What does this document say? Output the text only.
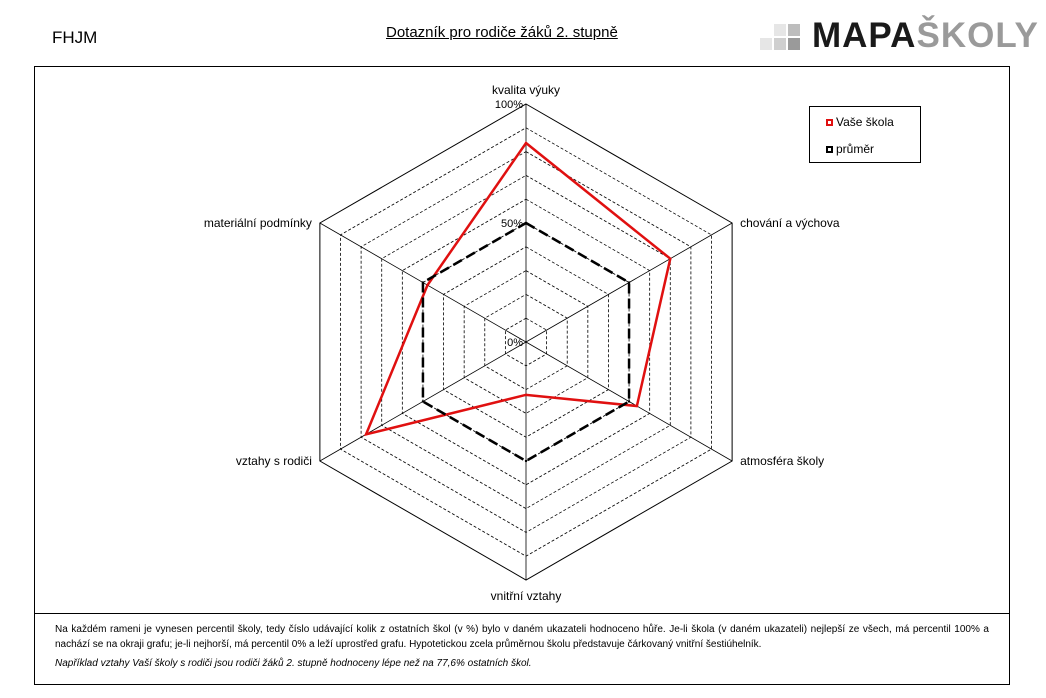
FHJM	Dotazník pro rodiče žáků 2. stupně	MAPAŠKOLY
kvalita výuky
chování a výchova
atmosféra školy
vnitřní vztahy
vztahy s rodiči
materiální podmínky
100%
50%
0%
Vaše škola
průměr
Na každém rameni je vynesen percentil školy, tedy číslo udávající kolik z ostatních škol (v %) bylo v daném ukazateli hodnoceno hůře. Je-li škola (v daném ukazateli) nejlepší ze všech, má percentil 100% a nachází se na okraji grafu; je-li nejhorší, má percentil 0% a leží uprostřed grafu. Hypotetickou zcela průměrnou školu představuje čárkovaný vnitřní šestiúhelník.
Například vztahy Vaší školy s rodiči jsou rodiči žáků 2. stupně hodnoceny lépe než na 77,6% ostatních škol.
